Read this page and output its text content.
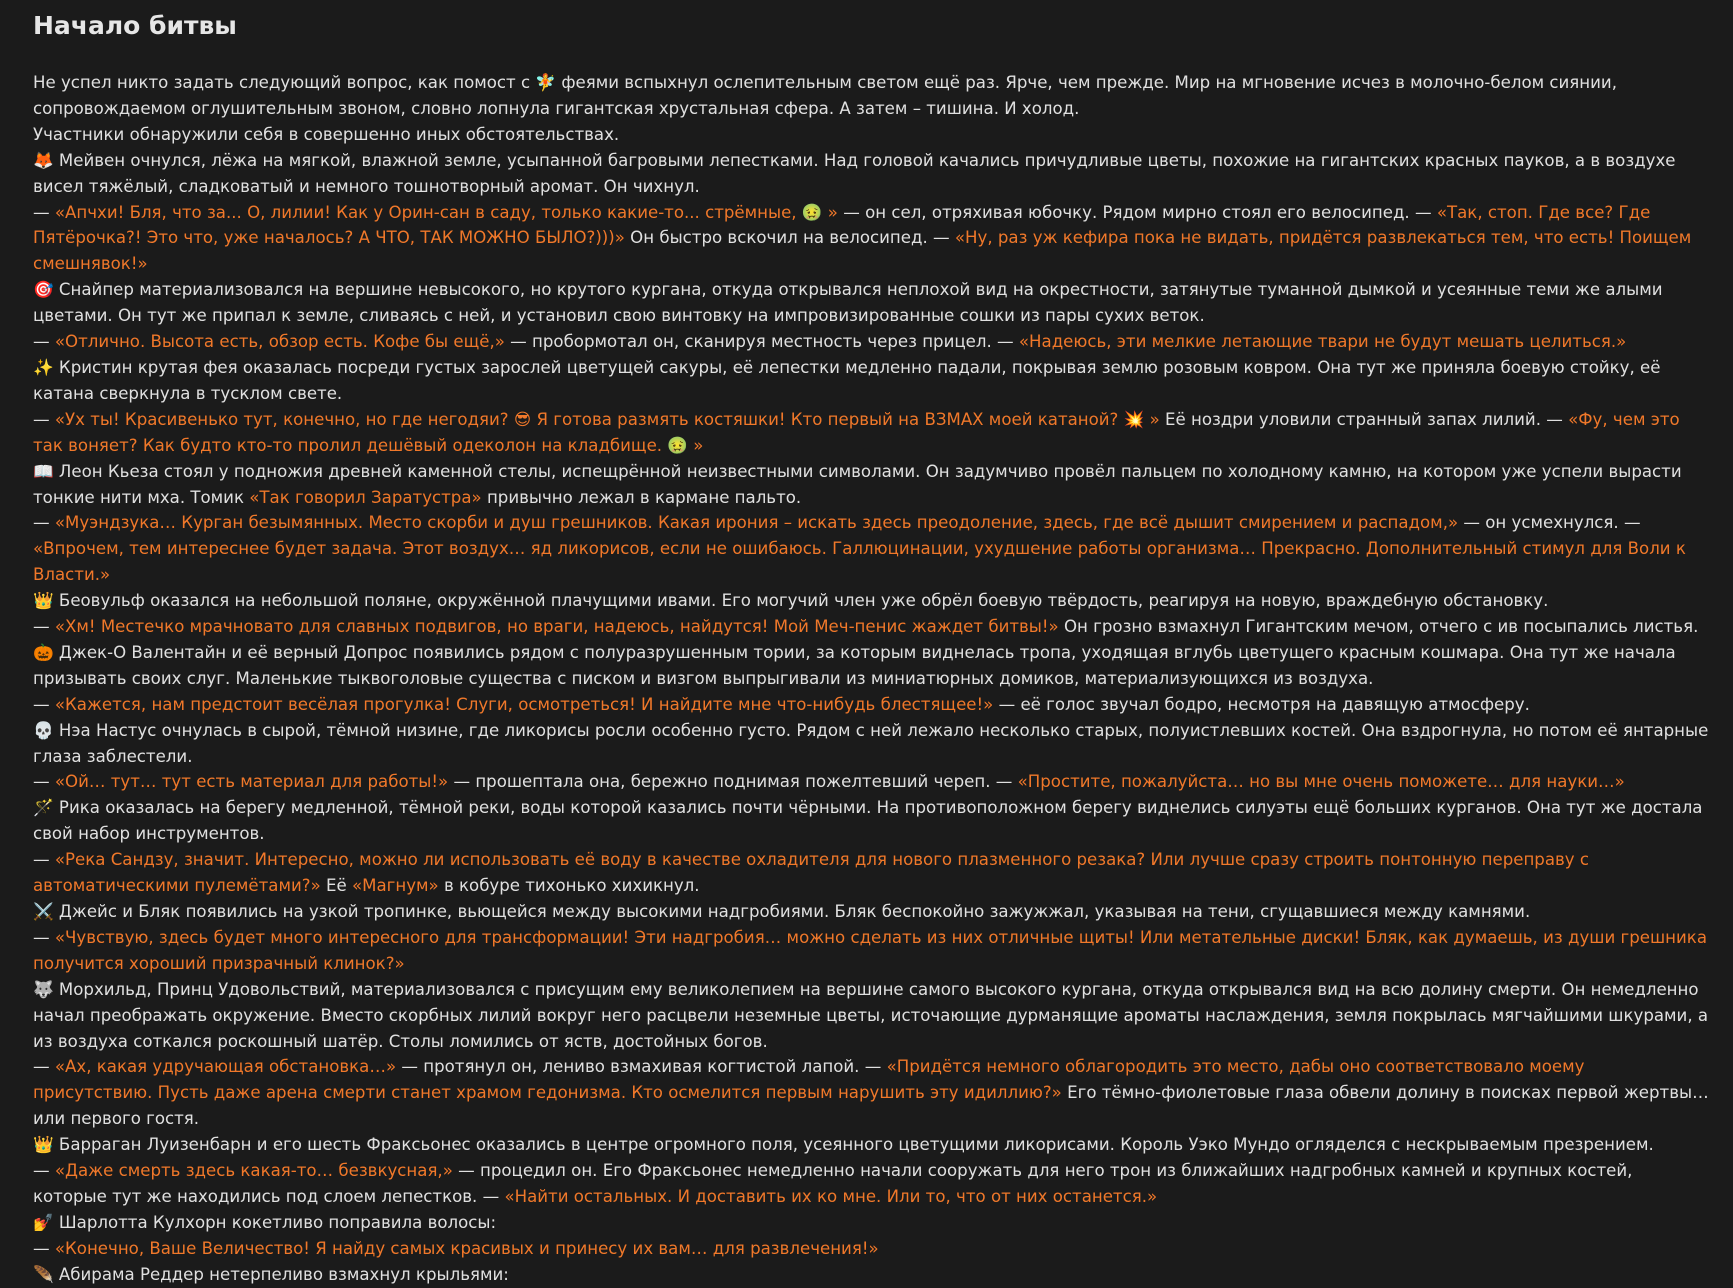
Начало битвы

Не успел никто задать следующий вопрос, как помост с 🧚 феями вспыхнул ослепительным светом ещё раз. Ярче, чем прежде. Мир на мгновение исчез в молочно-белом сиянии, сопровождаемом оглушительным звоном, словно лопнула гигантская хрустальная сфера. А затем – тишина. И холод.

Участники обнаружили себя в совершенно иных обстоятельствах.

🦊 Мейвен очнулся, лёжа на мягкой, влажной земле, усыпанной багровыми лепестками. Над головой качались причудливые цветы, похожие на гигантских красных пауков, а в воздухе висел тяжёлый, сладковатый и немного тошнотворный аромат. Он чихнул.

— «Апчхи! Бля, что за... О, лилии! Как у Орин-сан в саду, только какие-то... стрёмные, 🤢 » — он сел, отряхивая юбочку. Рядом мирно стоял его велосипед. — «Так, стоп. Где все? Где Пятёрочка?! Это что, уже началось? А ЧТО, ТАК МОЖНО БЫЛО?)))» Он быстро вскочил на велосипед. — «Ну, раз уж кефира пока не видать, придётся развлекаться тем, что есть! Поищем смешнявок!»

🎯 Снайпер материализовался на вершине невысокого, но крутого кургана, откуда открывался неплохой вид на окрестности, затянутые туманной дымкой и усеянные теми же алыми цветами. Он тут же припал к земле, сливаясь с ней, и установил свою винтовку на импровизированные сошки из пары сухих веток.

— «Отлично. Высота есть, обзор есть. Кофе бы ещё,» — пробормотал он, сканируя местность через прицел. — «Надеюсь, эти мелкие летающие твари не будут мешать целиться.»

✨ Кристин крутая фея оказалась посреди густых зарослей цветущей сакуры, её лепестки медленно падали, покрывая землю розовым ковром. Она тут же приняла боевую стойку, её катана сверкнула в тусклом свете.

— «Ух ты! Красивенько тут, конечно, но где негодяи? 😎 Я готова размять костяшки! Кто первый на ВЗМАХ моей катаной? 💥 » Её ноздри уловили странный запах лилий. — «Фу, чем это так воняет? Как будто кто-то пролил дешёвый одеколон на кладбище. 🤢 »

📖 Леон Кьеза стоял у подножия древней каменной стелы, испещрённой неизвестными символами. Он задумчиво провёл пальцем по холодному камню, на котором уже успели вырасти тонкие нити мха. Томик «Так говорил Заратустра» привычно лежал в кармане пальто.

— «Муэндзука… Курган безымянных. Место скорби и душ грешников. Какая ирония – искать здесь преодоление, здесь, где всё дышит смирением и распадом,» — он усмехнулся. — «Впрочем, тем интереснее будет задача. Этот воздух… яд ликорисов, если не ошибаюсь. Галлюцинации, ухудшение работы организма… Прекрасно. Дополнительный стимул для Воли к Власти.»

👑 Беовульф оказался на небольшой поляне, окружённой плачущими ивами. Его могучий член уже обрёл боевую твёрдость, реагируя на новую, враждебную обстановку.

— «Хм! Местечко мрачновато для славных подвигов, но враги, надеюсь, найдутся! Мой Меч-пенис жаждет битвы!» Он грозно взмахнул Гигантским мечом, отчего с ив посыпались листья.

🎃 Джек-О Валентайн и её верный Допрос появились рядом с полуразрушенным тории, за которым виднелась тропа, уходящая вглубь цветущего красным кошмара. Она тут же начала призывать своих слуг. Маленькие тыквоголовые существа с писком и визгом выпрыгивали из миниатюрных домиков, материализующихся из воздуха.

— «Кажется, нам предстоит весёлая прогулка! Слуги, осмотреться! И найдите мне что-нибудь блестящее!» — её голос звучал бодро, несмотря на давящую атмосферу.

💀 Нэа Настус очнулась в сырой, тёмной низине, где ликорисы росли особенно густо. Рядом с ней лежало несколько старых, полуистлевших костей. Она вздрогнула, но потом её янтарные глаза заблестели.

— «Ой… тут… тут есть материал для работы!» — прошептала она, бережно поднимая пожелтевший череп. — «Простите, пожалуйста… но вы мне очень поможете… для науки…»

🪄 Рика оказалась на берегу медленной, тёмной реки, воды которой казались почти чёрными. На противоположном берегу виднелись силуэты ещё больших курганов. Она тут же достала свой набор инструментов.

— «Река Сандзу, значит. Интересно, можно ли использовать её воду в качестве охладителя для нового плазменного резака? Или лучше сразу строить понтонную переправу с автоматическими пулемётами?» Её «Магнум» в кобуре тихонько хихикнул.

⚔️ Джейс и Бляк появились на узкой тропинке, вьющейся между высокими надгробиями. Бляк беспокойно зажужжал, указывая на тени, сгущавшиеся между камнями.

— «Чувствую, здесь будет много интересного для трансформации! Эти надгробия… можно сделать из них отличные щиты! Или метательные диски! Бляк, как думаешь, из души грешника получится хороший призрачный клинок?»

🐺 Морхильд, Принц Удовольствий, материализовался с присущим ему великолепием на вершине самого высокого кургана, откуда открывался вид на всю долину смерти. Он немедленно начал преображать окружение. Вместо скорбных лилий вокруг него расцвели неземные цветы, источающие дурманящие ароматы наслаждения, земля покрылась мягчайшими шкурами, а из воздуха соткался роскошный шатёр. Столы ломились от яств, достойных богов.

— «Ах, какая удручающая обстановка…» — протянул он, лениво взмахивая когтистой лапой. — «Придётся немного облагородить это место, дабы оно соответствовало моему присутствию. Пусть даже арена смерти станет храмом гедонизма. Кто осмелится первым нарушить эту идиллию?» Его тёмно-фиолетовые глаза обвели долину в поисках первой жертвы… или первого гостя.

👑 Барраган Луизенбарн и его шесть Фраксьонес оказались в центре огромного поля, усеянного цветущими ликорисами. Король Уэко Мундо огляделся с нескрываемым презрением.

— «Даже смерть здесь какая-то… безвкусная,» — процедил он. Его Фраксьонес немедленно начали сооружать для него трон из ближайших надгробных камней и крупных костей, которые тут же находились под слоем лепестков. — «Найти остальных. И доставить их ко мне. Или то, что от них останется.»

💅 Шарлотта Кулхорн кокетливо поправила волосы:

— «Конечно, Ваше Величество! Я найду самых красивых и принесу их вам… для развлечения!»

🪶 Абирама Реддер нетерпеливо взмахнул крыльями:
